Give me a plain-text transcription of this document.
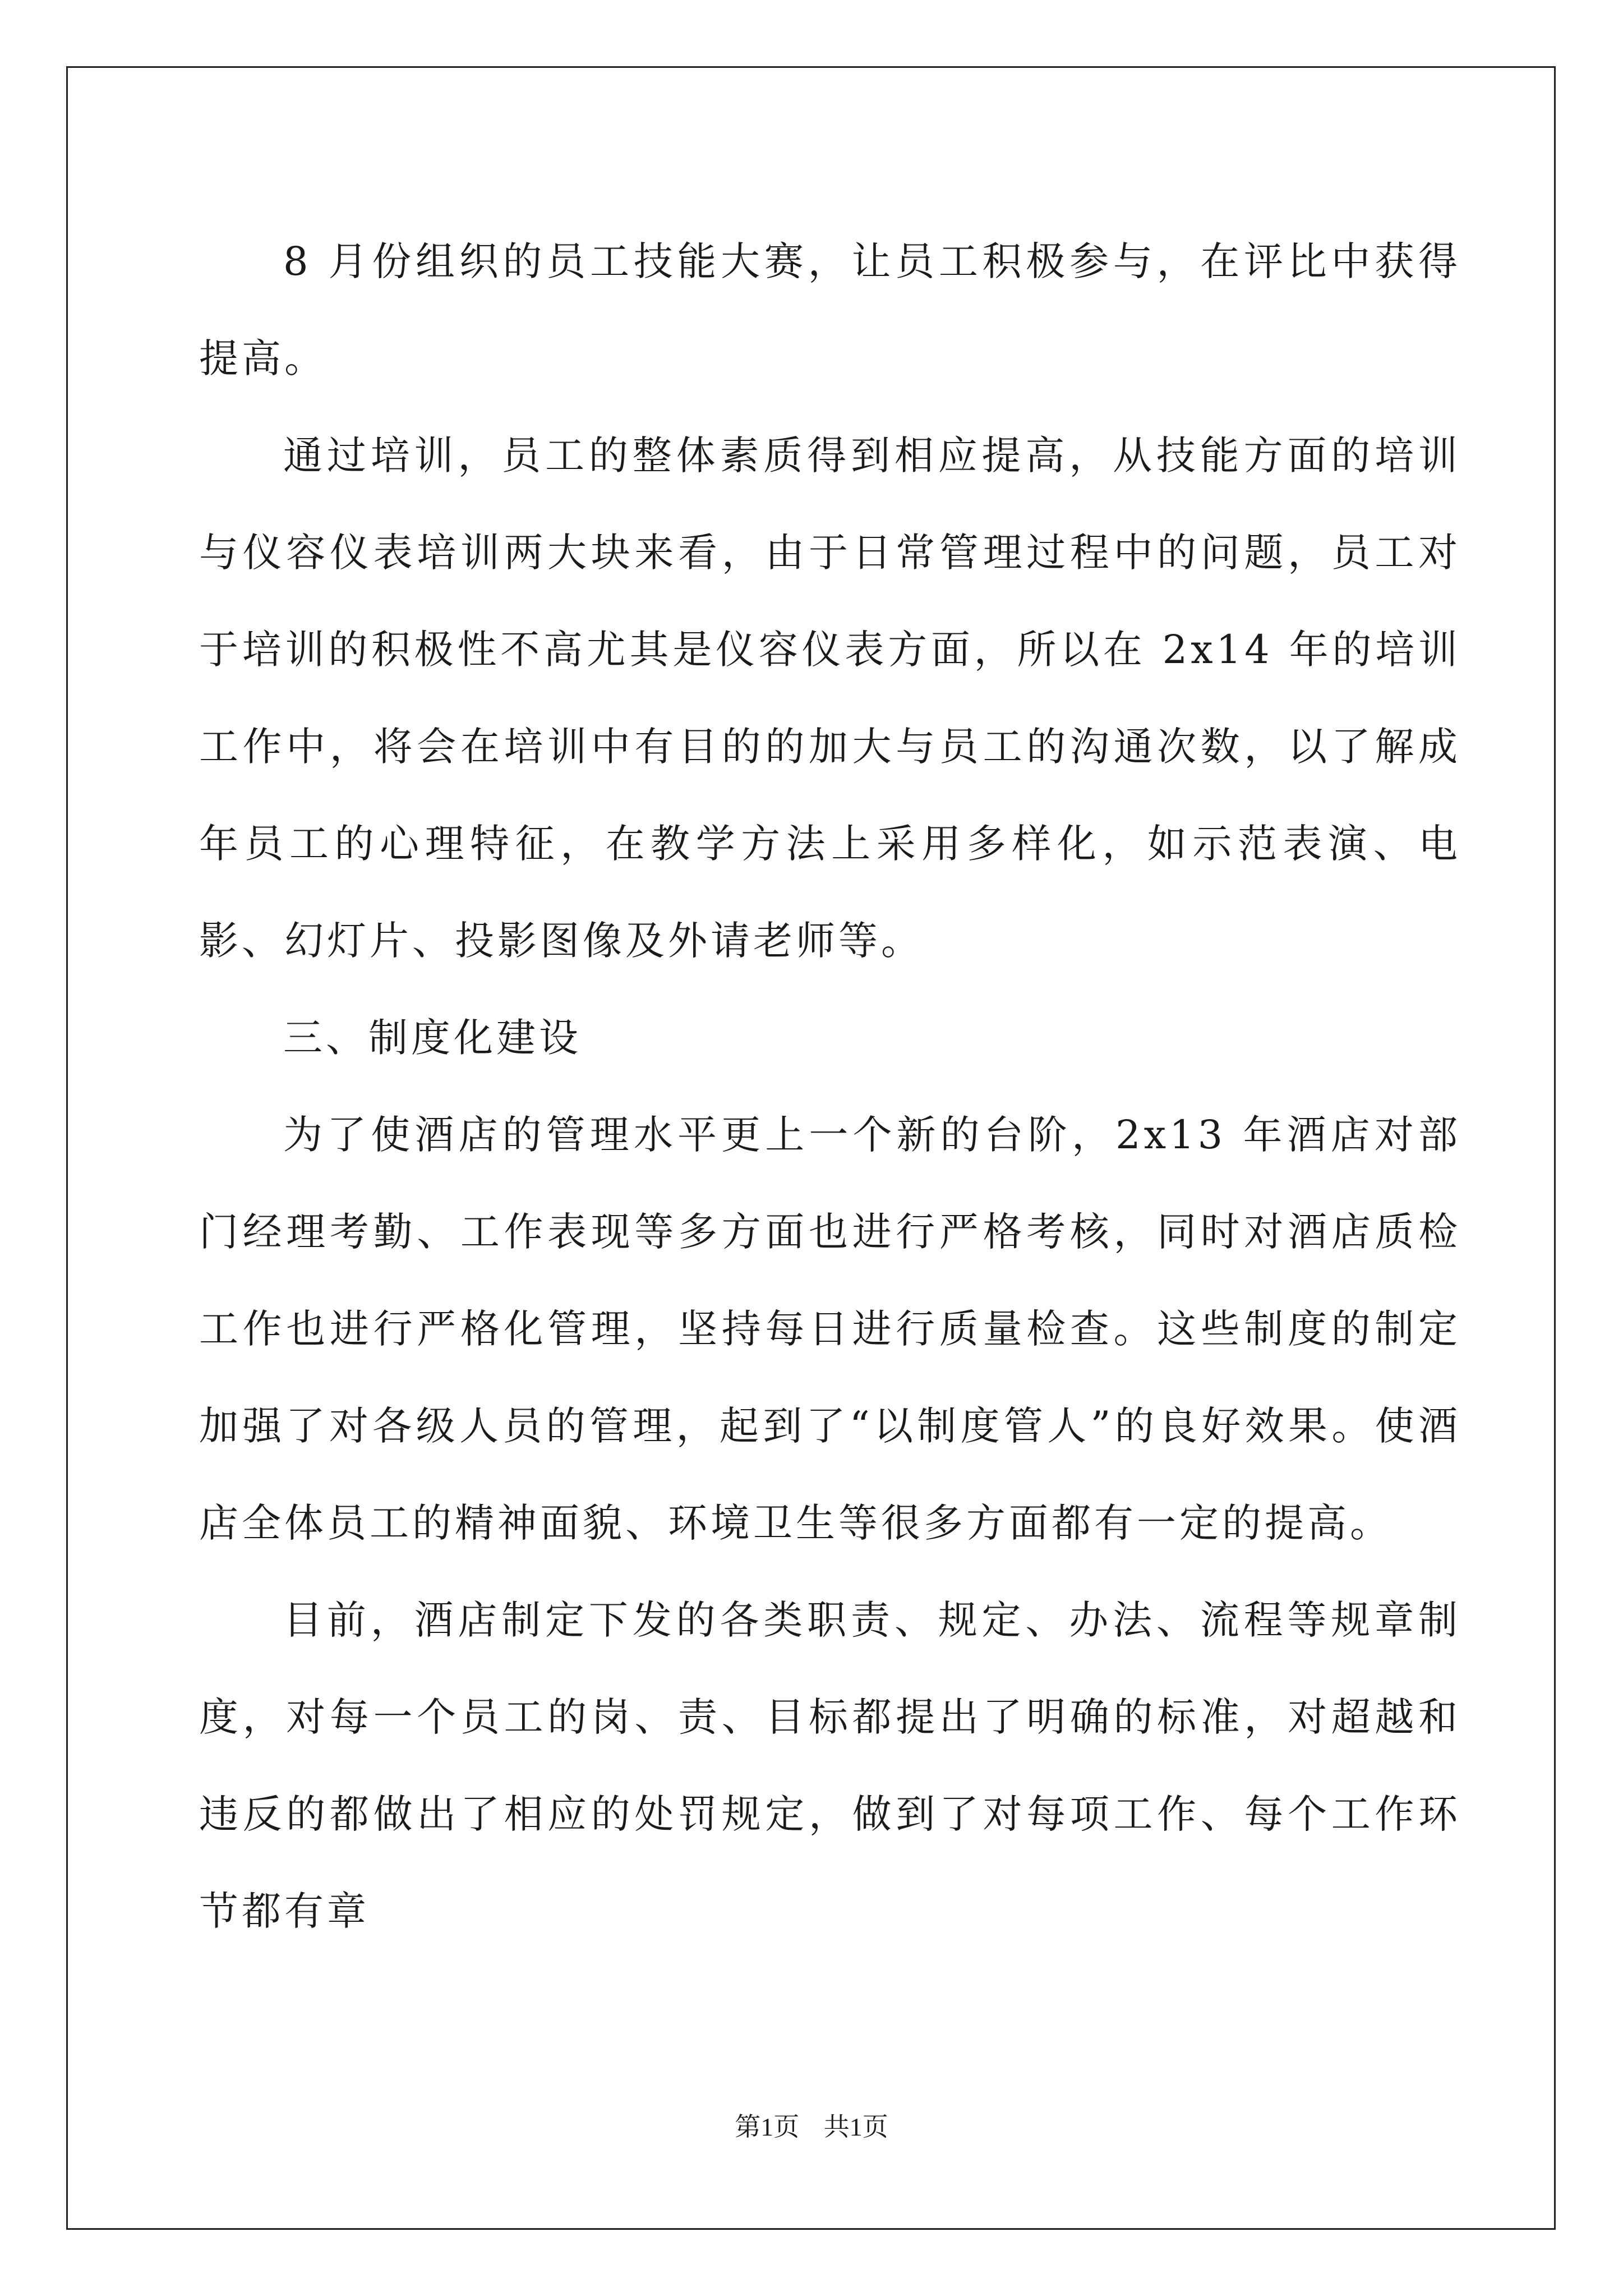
8 月份组织的员工技能大赛，让员工积极参与，在评比中获得提高。

通过培训，员工的整体素质得到相应提高，从技能方面的培训与仪容仪表培训两大块来看，由于日常管理过程中的问题，员工对于培训的积极性不高尤其是仪容仪表方面，所以在 2x14 年的培训工作中，将会在培训中有目的的加大与员工的沟通次数，以了解成年员工的心理特征，在教学方法上采用多样化，如示范表演、电影、幻灯片、投影图像及外请老师等。

三、制度化建设

为了使酒店的管理水平更上一个新的台阶，2x13 年酒店对部门经理考勤、工作表现等多方面也进行严格考核，同时对酒店质检工作也进行严格化管理，坚持每日进行质量检查。这些制度的制定加强了对各级人员的管理，起到了“以制度管人”的良好效果。使酒店全体员工的精神面貌、环境卫生等很多方面都有一定的提高。

目前，酒店制定下发的各类职责、规定、办法、流程等规章制度，对每一个员工的岗、责、目标都提出了明确的标准，对超越和违反的都做出了相应的处罚规定，做到了对每项工作、每个工作环节都有章

第1页 共1页
